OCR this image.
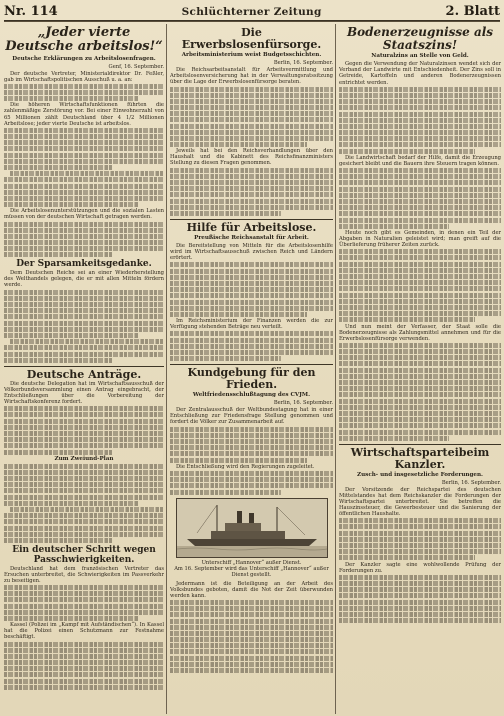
Nr. 114	Schlüchterner Zeitung	2. Blatt
„Jeder vierte Deutsche arbeitslos!“
Deutsche Erklärungen zu Arbeitslosenfragen.
Genf, 16. September.

Der deutsche Vertreter, Ministerialdirektor Dr. Feßler, gab im Wirtschaftspolitischen Ausschuß u. a. an:

Die höheren Wirtschaftsfunktionen führten die zahlenmäßige Zerstörung vor. Bei einer Einwohnerzahl von 65 Millionen zählt Deutschland über 4 1/2 Millionen Arbeitslose; jeder vierte Deutsche ist arbeitslos.

Die Arbeitslosenunterstützungen und die sozialen Lasten müssen von der deutschen Wirtschaft getragen werden.

Der Sparsamkeitsgedanke.

Dem Deutschen Reiche sei an einer Wiederherstellung des Welthandels gelegen, die er mit allen Mitteln fördern werde.

Deutsche Anträge.

Die deutsche Delegation hat im Wirtschaftsausschuß der Völkerbundsversammlung einen Antrag eingebracht, der Entschließungen über die Vorbereitung der Wirtschaftskonferenz fordert.

Zum Zweiund-Plan
Ein deutscher Schritt wegen Passchwierigkeiten.

Deutschland hat dem französischen Vertreter das Ersuchen unterbreitet, die Schwierigkeiten im Passverkehr zu beseitigen.

Kassel (Polizei im „Kampf mit Aufständischen“). In Kassel hat die Polizei einen Schutzmann zur Festnahme beschäftigt.

Die Erwerbslosenfürsorge.
Arbeitsministerium weist Budgetsschichten.
Berlin, 16. September.

Die Reichsarbeitsanstalt für Arbeitsvermittlung und Arbeitslosenversicherung hat in der Verwaltungsratssitzung über die Lage der Erwerbslosenfürsorge beraten.

Jeweils hat bei den Reichsverhandlungen über den Haushalt und die Kabinett des Reichsfinanzministers Stellung zu diesen Fragen genommen.

Hilfe für Arbeitslose.
Preußische Reichsanstalt für Arbeit.

Die Bereitstellung von Mitteln für die Arbeitslosenhilfe wird im Wirtschaftsausschuß zwischen Reich und Ländern erörtert.

Im Reichsministerium der Finanzen werden die zur Verfügung stehenden Beträge neu verteilt.

Kundgebung für den Frieden.
Weltfriedensschlußtagung des CVJM.
Berlin, 16. September.

Der Zentralausschuß der Weltbundestagung hat in einer Entschließung zur Friedensfrage Stellung genommen und fordert die Völker zur Zusammenarbeit auf.

Die Entschließung wird den Regierungen zugeleitet.

Unterschiff „Hannover“ außer Dienst.
Am 16. September wird das Unterschiff „Hannover“ außer Dienst gestellt.

Jedermann ist die Beteiligung an der Arbeit des Volksbundes geboten, damit die Not der Zeit überwunden werden kann.

Bodenerzeugnisse als Staatszins!
Naturalzins an Stelle von Geld.

Gegen die Verwendung der Naturalzinsen wendet sich der Verband der Landwirte mit Entschiedenheit. Der Zins soll in Getreide, Kartoffeln und anderen Bodenerzeugnissen entrichtet werden.

Die Landwirtschaft bedarf der Hilfe, damit die Erzeugung gesichert bleibt und die Bauern ihre Steuern tragen können.

Heute noch gibt es Gemeinden, in denen ein Teil der Abgaben in Naturalien geleistet wird; man greift auf die Überlieferung früherer Zeiten zurück.

Und nun meint der Verfasser, der Staat solle die Bodenerzeugnisse als Zahlungsmittel annehmen und für die Erwerbslosenfürsorge verwenden.

Wirtschaftsparteibeim Kanzler.
Zusch- und insgesetzliche Forderungen.
Berlin, 16. September.

Der Vorsitzende der Reichspartei des deutschen Mittelstandes hat dem Reichskanzler die Forderungen der Wirtschaftspartei unterbreitet. Sie betreffen die Hauszinssteuer, die Gewerbesteuer und die Sanierung der öffentlichen Haushalte.

Der Kanzler sagte eine wohlwollende Prüfung der Forderungen zu.
